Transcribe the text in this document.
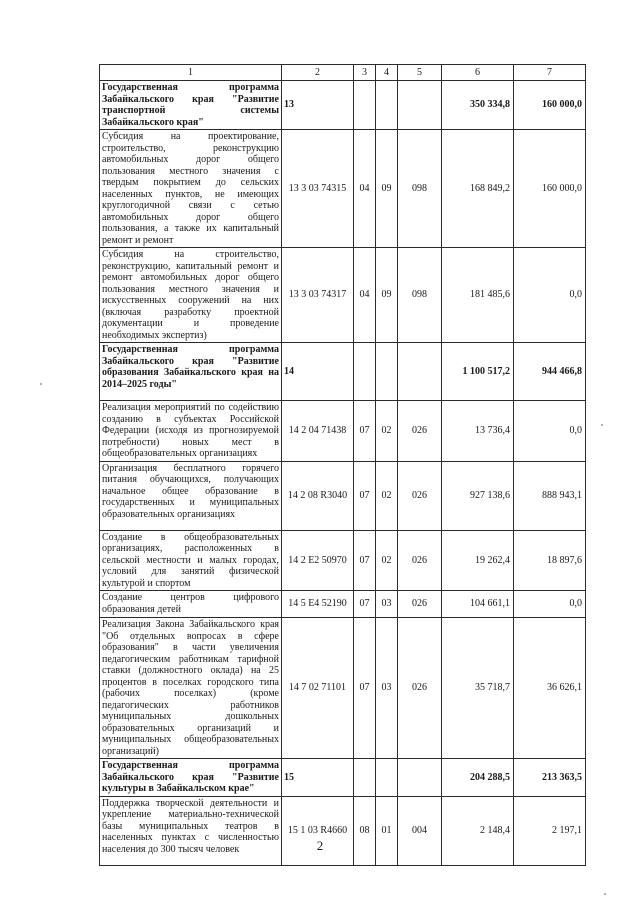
1	2	3	4	5	6	7
Государственная программа Забайкальского края "Развитие транспортной системы Забайкальского края"	13				350 334,8	160 000,0
Субсидия на проектирование, строительство, реконструкцию автомобильных дорог общего пользования местного значения с твердым покрытием до сельских населенных пунктов, не имеющих круглогодичной связи с сетью автомобильных дорог общего пользования, а также их капитальный ремонт и ремонт	13 3 03 74315	04	09	098	168 849,2	160 000,0
Субсидия на строительство, реконструкцию, капитальный ремонт и ремонт автомобильных дорог общего пользования местного значения и искусственных сооружений на них (включая разработку проектной документации и проведение необходимых экспертиз)	13 3 03 74317	04	09	098	181 485,6	0,0
Государственная программа Забайкальского края "Развитие образования Забайкальского края на 2014–2025 годы"	14				1 100 517,2	944 466,8
Реализация мероприятий по содействию созданию в субъектах Российской Федерации (исходя из прогнозируемой потребности) новых мест в общеобразовательных организациях	14 2 04 71438	07	02	026	13 736,4	0,0
Организация бесплатного горячего питания обучающихся, получающих начальное общее образование в государственных и муниципальных образовательных организациях	14 2 08 R3040	07	02	026	927 138,6	888 943,1
Создание в общеобразовательных организациях, расположенных в сельской местности и малых городах, условий для занятий физической культурой и спортом	14 2 E2 50970	07	02	026	19 262,4	18 897,6
Создание центров цифрового образования детей	14 5 E4 52190	07	03	026	104 661,1	0,0
Реализация Закона Забайкальского края "Об отдельных вопросах в сфере образования" в части увеличения педагогическим работникам тарифной ставки (должностного оклада) на 25 процентов в поселках городского типа (рабочих поселках) (кроме педагогических работников муниципальных дошкольных образовательных организаций и муниципальных общеобразовательных организаций)	14 7 02 71101	07	03	026	35 718,7	36 626,1
Государственная программа Забайкальского края "Развитие культуры в Забайкальском крае"	15				204 288,5	213 363,5
Поддержка творческой деятельности и укрепление материально-технической базы муниципальных театров в населенных пунктах с численностью населения до 300 тысяч человек	15 1 03 R4660	08	01	004	2 148,4	2 197,1
2
